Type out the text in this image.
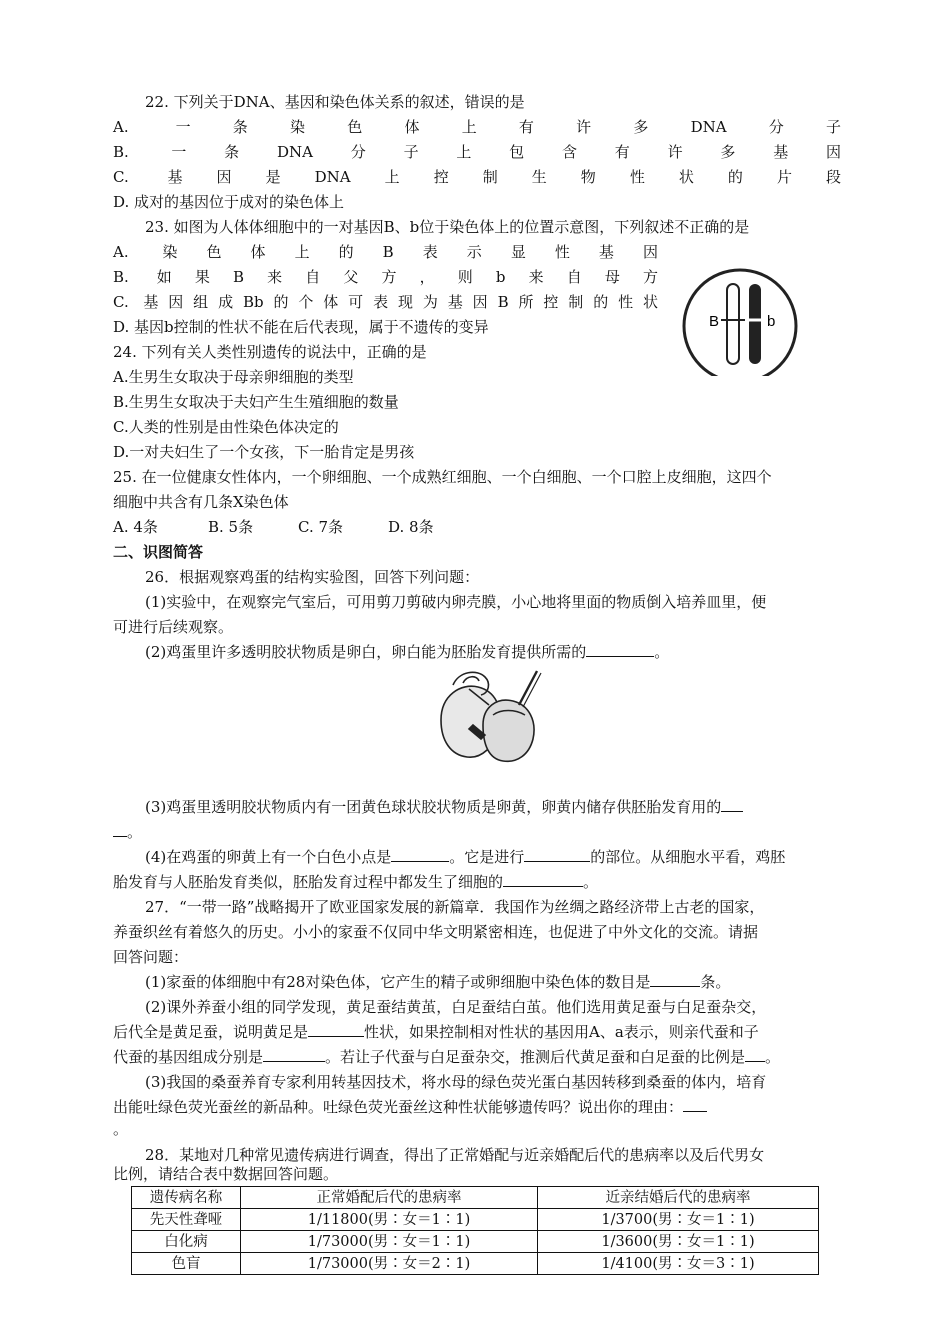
22. 下列关于DNA、基因和染色体关系的叙述，错误的是
A. 一条染色体上有许多DNA分子
B. 一条DNA分子上包含有许多基因
C. 基因是DNA上控制生物性状的片段
D. 成对的基因位于成对的染色体上
23. 如图为人体体细胞中的一对基因B、b位于染色体上的位置示意图，下列叙述不正确的是
A. 染色体上的B表示显性基因
B. 如果B来自父方，则b来自母方
C. 基因组成Bb的个体可表现为基因B所控制的性状
D. 基因b控制的性状不能在后代表现，属于不遗传的变异	B	b
24. 下列有关人类性别遗传的说法中，正确的是
A.生男生女取决于母亲卵细胞的类型
B.生男生女取决于夫妇产生生殖细胞的数量
C.人类的性别是由性染色体决定的
D.一对夫妇生了一个女孩，下一胎肯定是男孩
25. 在一位健康女性体内，一个卵细胞、一个成熟红细胞、一个白细胞、一个口腔上皮细胞，这四个
细胞中共含有几条X染色体
A. 4条	B. 5条	C. 7条	D. 8条
二、识图简答
26．根据观察鸡蛋的结构实验图，回答下列问题：
(1)实验中，在观察完气室后，可用剪刀剪破内卵壳膜，小心地将里面的物质倒入培养皿里，便
可进行后续观察。
(2)鸡蛋里许多透明胶状物质是卵白，卵白能为胚胎发育提供所需的	。
(3)鸡蛋里透明胶状物质内有一团黄色球状胶状物质是卵黄，卵黄内储存供胚胎发育用的
。
(4)在鸡蛋的卵黄上有一个白色小点是	。它是进行	的部位。从细胞水平看，鸡胚
胎发育与人胚胎发育类似，胚胎发育过程中都发生了细胞的	。
27．“一带一路”战略揭开了欧亚国家发展的新篇章．我国作为丝绸之路经济带上古老的国家，
养蚕织丝有着悠久的历史。小小的家蚕不仅同中华文明紧密相连，也促进了中外文化的交流。请据
回答问题：
(1)家蚕的体细胞中有28对染色体，它产生的精子或卵细胞中染色体的数目是	条。
(2)课外养蚕小组的同学发现，黄足蚕结黄茧，白足蚕结白茧。他们选用黄足蚕与白足蚕杂交，
后代全是黄足蚕，说明黄足是	性状，如果控制相对性状的基因用A、a表示，则亲代蚕和子
代蚕的基因组成分别是	。若让子代蚕与白足蚕杂交，推测后代黄足蚕和白足蚕的比例是 。
(3)我国的桑蚕养育专家利用转基因技术，将水母的绿色荧光蛋白基因转移到桑蚕的体内，培育
出能吐绿色荧光蚕丝的新品种。吐绿色荧光蚕丝这种性状能够遗传吗？说出你的理由：
。
28．某地对几种常见遗传病进行调查，得出了正常婚配与近亲婚配后代的患病率以及后代男女
比例，请结合表中数据回答问题。
遗传病名称	正常婚配后代的患病率	近亲结婚后代的患病率
先天性聋哑	1/11800(男∶女＝1∶1)	1/3700(男∶女＝1∶1)
白化病	1/73000(男∶女＝1∶1)	1/3600(男∶女＝1∶1)
色盲	1/73000(男∶女＝2∶1)	1/4100(男∶女＝3∶1)
